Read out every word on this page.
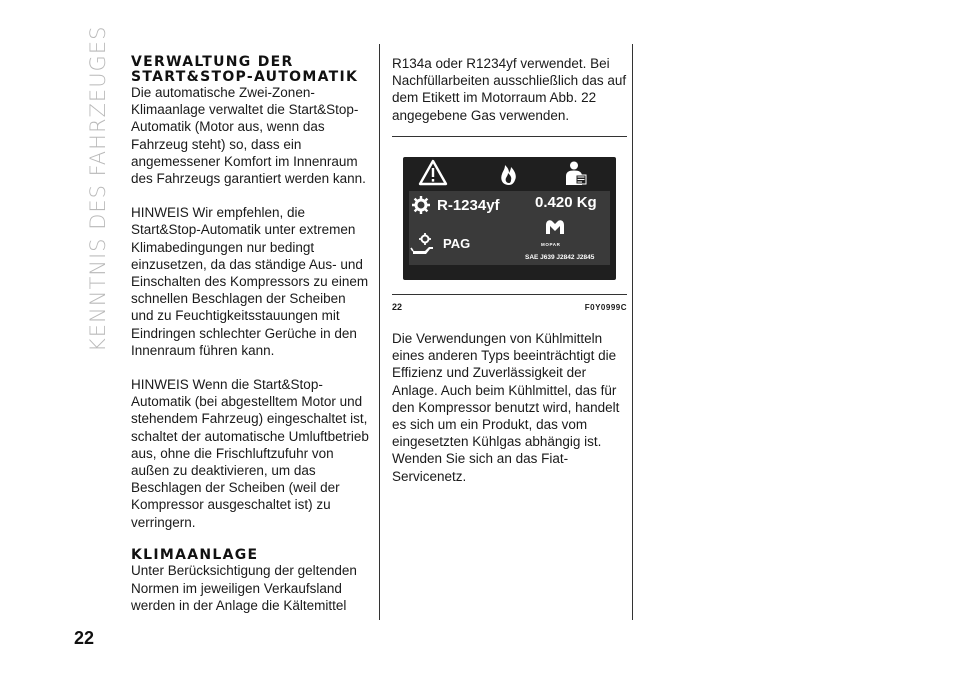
KENNTNIS DES FAHRZEUGES VERWALTUNG DER START&STOP-AUTOMATIK

Die automatische Zwei-Zonen-Klimaanlage verwaltet die Start&Stop-Automatik (Motor aus, wenn das Fahrzeug steht) so, dass ein angemessener Komfort im Innenraum des Fahrzeugs garantiert werden kann.

HINWEIS Wir empfehlen, die Start&Stop-Automatik unter extremen Klimabedingungen nur bedingt einzusetzen, da das ständige Aus- und Einschalten des Kompressors zu einem schnellen Beschlagen der Scheiben und zu Feuchtigkeitsstauungen mit Eindringen schlechter Gerüche in den Innenraum führen kann.

HINWEIS Wenn die Start&Stop-Automatik (bei abgestelltem Motor und stehendem Fahrzeug) eingeschaltet ist, schaltet der automatische Umluftbetrieb aus, ohne die Frischluftzufuhr von außen zu deaktivieren, um das Beschlagen der Scheiben (weil der Kompressor ausgeschaltet ist) zu verringern.

KLIMAANLAGE

Unter Berücksichtigung der geltenden Normen im jeweiligen Verkaufsland werden in der Anlage die Kältemittel

R134a oder R1234yf verwendet. Bei Nachfüllarbeiten ausschließlich das auf dem Etikett im Motorraum Abb. 22 angegebene Gas verwenden.

R-1234yf 0.420 Kg
PAG	MOPAR
SAE J639 J2842 J2845
22	F0Y0999C

Die Verwendungen von Kühlmitteln eines anderen Typs beeinträchtigt die Effizienz und Zuverlässigkeit der Anlage. Auch beim Kühlmittel, das für den Kompressor benutzt wird, handelt es sich um ein Produkt, das vom eingesetzten Kühlgas abhängig ist. Wenden Sie sich an das Fiat-Servicenetz.

22
